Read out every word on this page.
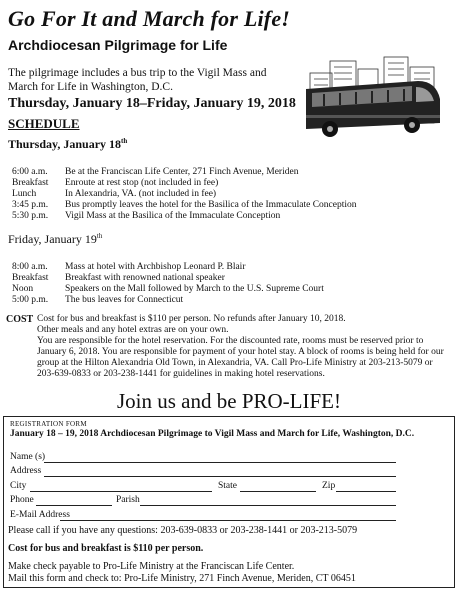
Go For It and March for Life!
Archdiocesan Pilgrimage for Life
The pilgrimage includes a bus trip to the Vigil Mass and March for Life in Washington, D.C.
Thursday, January 18–Friday, January 19, 2018
SCHEDULE
Thursday, January 18th
6:00 a.m. Be at the Franciscan Life Center, 271 Finch Avenue, Meriden
Breakfast Enroute at rest stop (not included in fee)
Lunch	In Alexandria, VA. (not included in fee)
3:45 p.m. Bus promptly leaves the hotel for the Basilica of the Immaculate Conception
5:30 p.m. Vigil Mass at the Basilica of the Immaculate Conception
Friday, January 19th
8:00 a.m. Mass at hotel with Archbishop Leonard P. Blair
Breakfast Breakfast with renowned national speaker
Noon	Speakers on the Mall followed by March to the U.S. Supreme Court
5:00 p.m. The bus leaves for Connecticut
COST Cost for bus and breakfast is $110 per person. No refunds after January 10, 2018.
Other meals and any hotel extras are on your own.
You are responsible for the hotel reservation. For the discounted rate, rooms must be reserved prior to
January 6, 2018. You are responsible for payment of your hotel stay. A block of rooms is being held for our
group at the Hilton Alexandria Old Town, in Alexandria, VA. Call Pro-Life Ministry at 203-213-5079 or
203-639-0833 or 203-238-1441 for guidelines in making hotel reservations.
Join us and be PRO-LIFE!
REGISTRATION FORM
January 18 – 19, 2018 Archdiocesan Pilgrimage to Vigil Mass and March for Life, Washington, D.C.
Name (s)
Address
City	State	Zip
Phone	Parish
E-Mail Address
Please call if you have any questions: 203-639-0833 or 203-238-1441 or 203-213-5079
Cost for bus and breakfast is $110 per person.
Make check payable to Pro-Life Ministry at the Franciscan Life Center.
Mail this form and check to: Pro-Life Ministry, 271 Finch Avenue, Meriden, CT 06451
